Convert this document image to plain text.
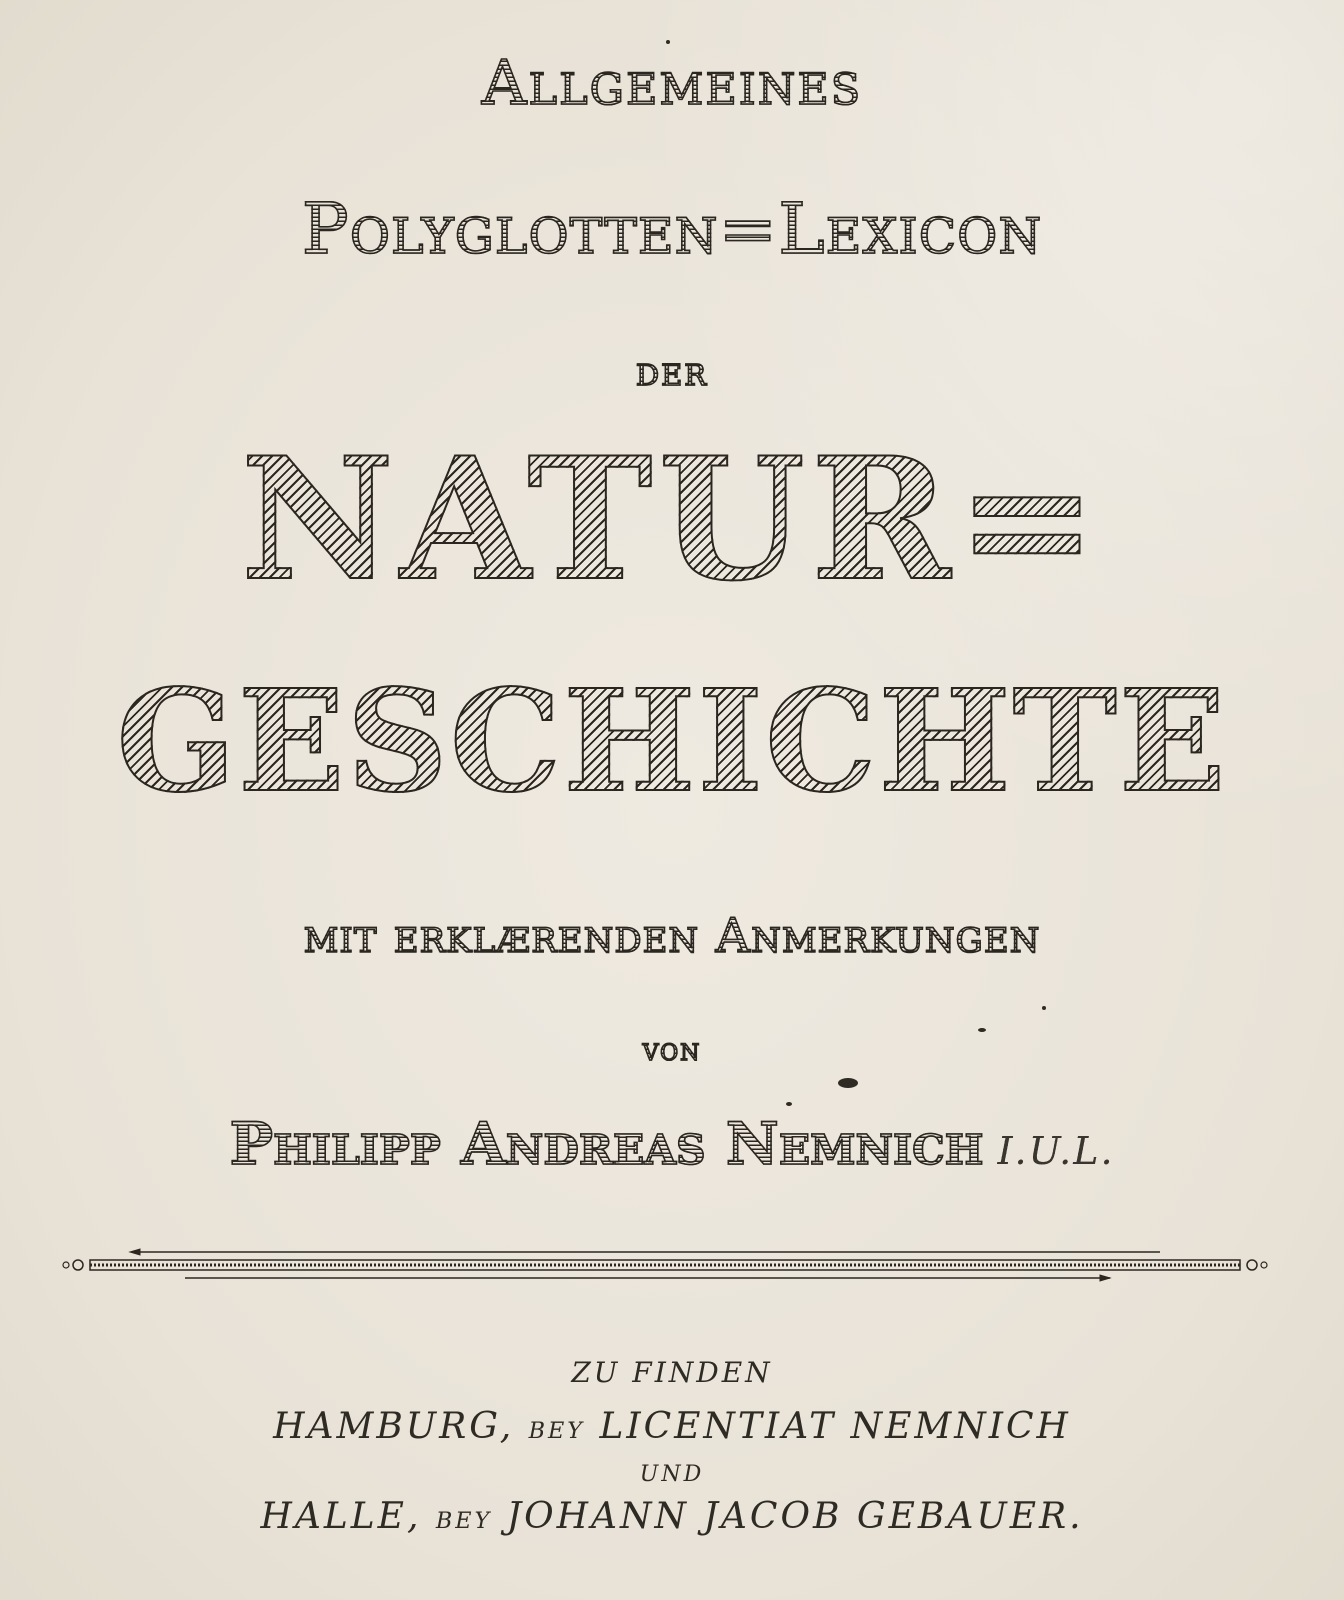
Allgemeines
Polyglotten=Lexicon
der
NATUR=
GESCHICHTE
mit erklærenden Anmerkungen
von
Philipp Andreas Nemnich I.U.L.
ZU FINDEN
HAMBURG, BEY LICENTIAT NEMNICH
UND
HALLE, BEY JOHANN JACOB GEBAUER.
